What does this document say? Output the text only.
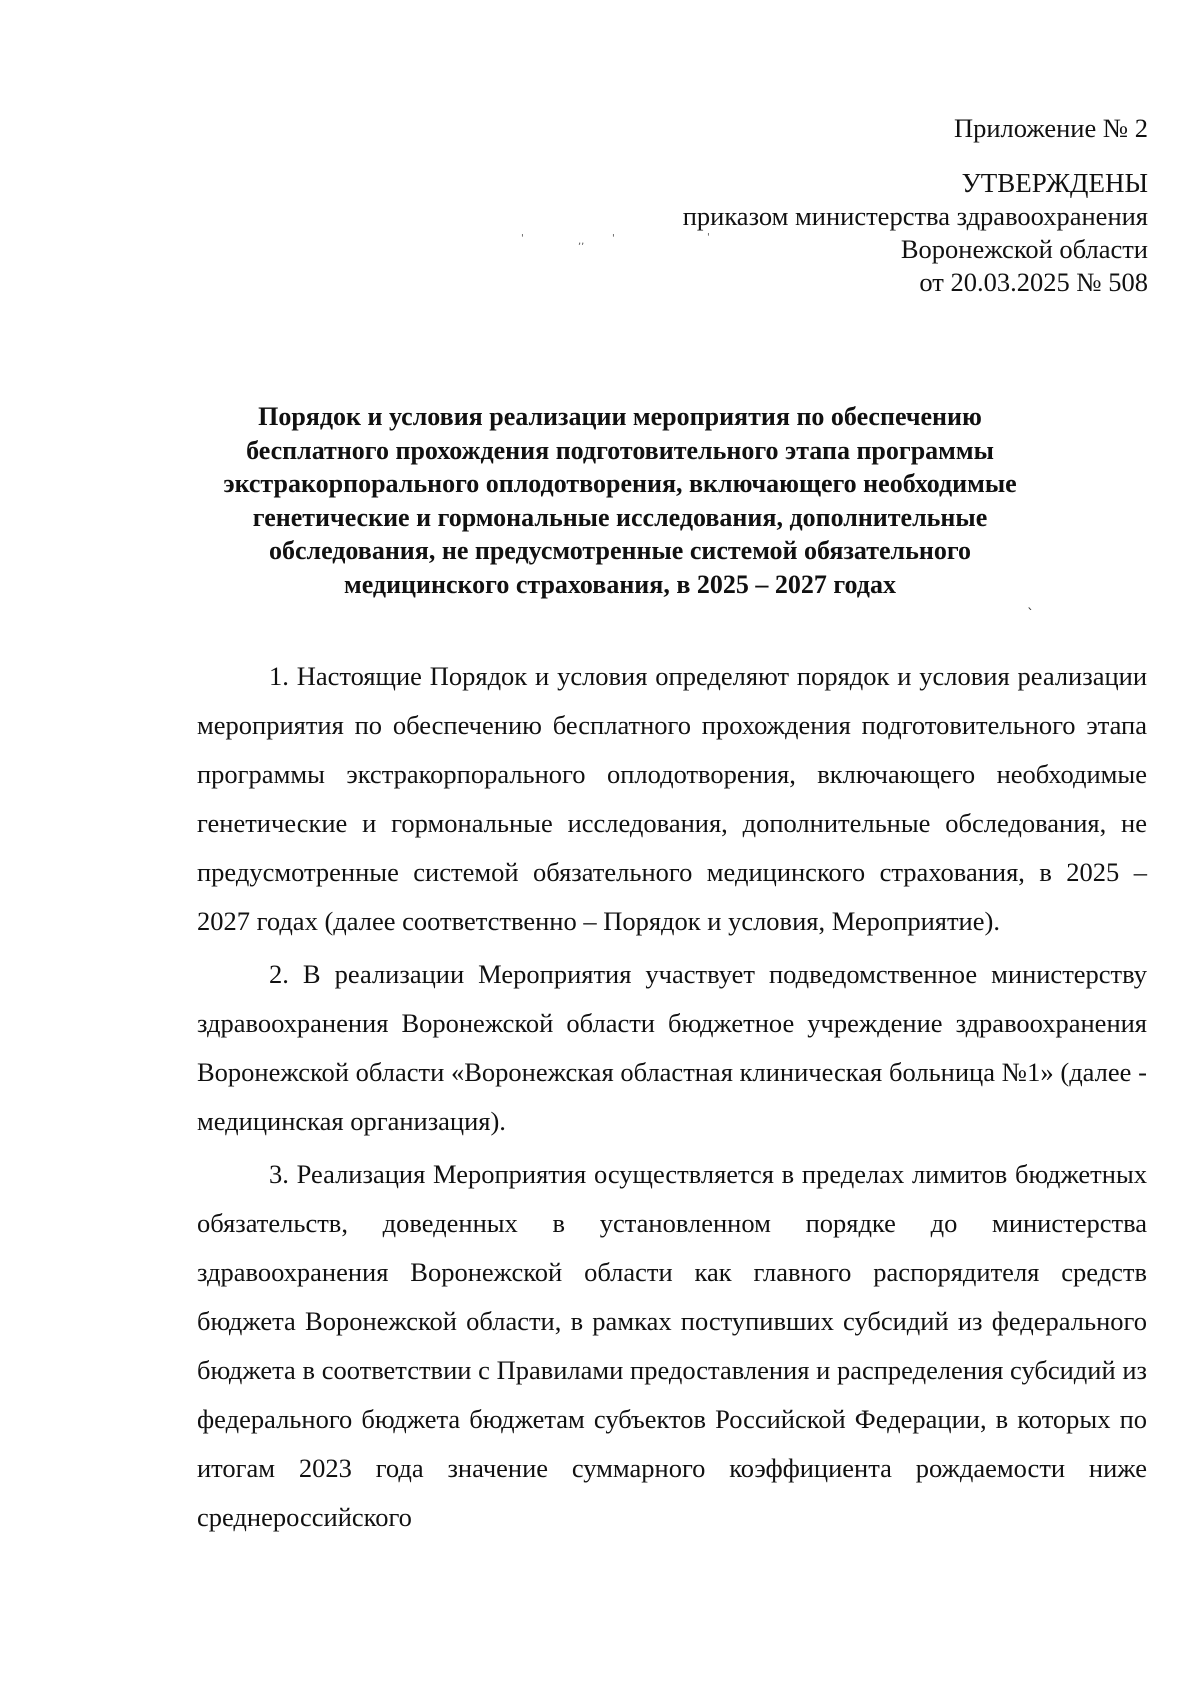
Приложение № 2
УТВЕРЖДЕНЫ
приказом министерства здравоохранения
Воронежской области
от 20.03.2025 № 508
'	,,	'	'
Порядок и условия реализации мероприятия по обеспечению
бесплатного прохождения подготовительного этапа программы
экстракорпорального оплодотворения, включающего необходимые
генетические и гормональные исследования, дополнительные
обследования, не предусмотренные системой обязательного
медицинского страхования, в 2025 – 2027 годах
`

1. Настоящие Порядок и условия определяют порядок и условия реализации мероприятия по обеспечению бесплатного прохождения подготовительного этапа программы экстракорпорального оплодотворения, включающего необходимые генетические и гормональные исследования, дополнительные обследования, не предусмотренные системой обязательного медицинского страхования, в 2025 – 2027 годах (далее соответственно – Порядок и условия, Мероприятие).

2. В реализации Мероприятия участвует подведомственное министерству здравоохранения Воронежской области бюджетное учреждение здравоохранения Воронежской области «Воронежская областная клиническая больница №1» (далее - медицинская организация).

3. Реализация Мероприятия осуществляется в пределах лимитов бюджетных обязательств, доведенных в установленном порядке до министерства здравоохранения Воронежской области как главного распорядителя средств бюджета Воронежской области, в рамках поступивших субсидий из федерального бюджета в соответствии с Правилами предоставления и распределения субсидий из федерального бюджета бюджетам субъектов Российской Федерации, в которых по итогам 2023 года значение суммарного коэффициента рождаемости ниже среднероссийского
